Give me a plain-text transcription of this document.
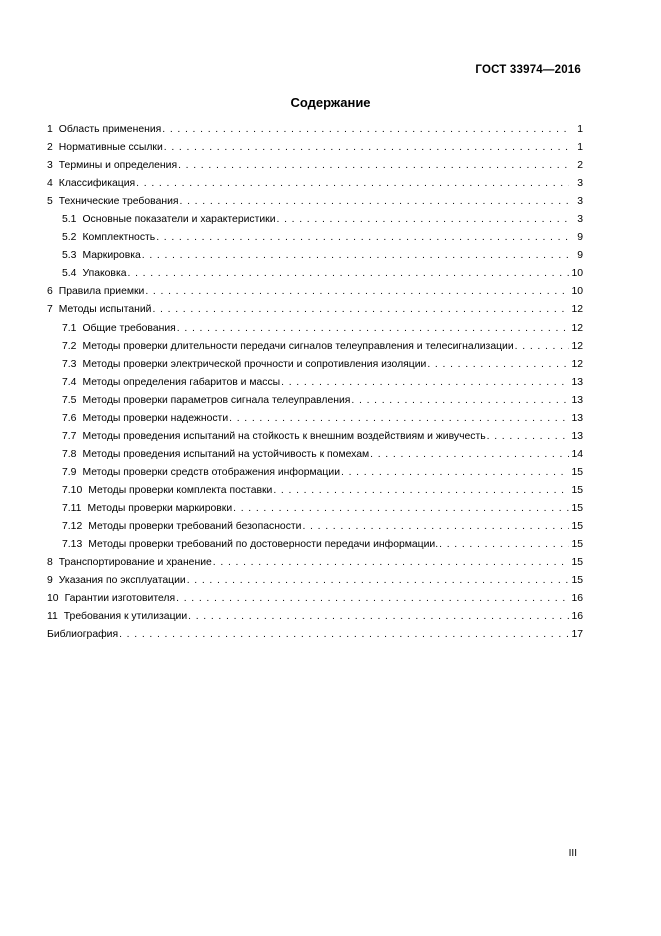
ГОСТ 33974—2016
Содержание
1 Область применения . . .	1
2 Нормативные ссылки . . .	1
3 Термины и определения . . .	2
4 Классификация . . .	3
5 Технические требования . . .	3
5.1 Основные показатели и характеристики . . .	3
5.2 Комплектность . . .	9
5.3 Маркировка . . .	9
5.4 Упаковка . . .	10
6 Правила приемки . . .	10
7 Методы испытаний . . .	12
7.1 Общие требования . . .	12
7.2 Методы проверки длительности передачи сигналов телеуправления и телесигнализации . . .	12
7.3 Методы проверки электрической прочности и сопротивления изоляции . . .	12
7.4 Методы определения габаритов и массы . . .	13
7.5 Методы проверки параметров сигнала телеуправления . . .	13
7.6 Методы проверки надежности . . .	13
7.7 Методы проведения испытаний на стойкость к внешним воздействиям и живучесть . . .	13
7.8 Методы проведения испытаний на устойчивость к помехам . . .	14
7.9 Методы проверки средств отображения информации . . .	15
7.10 Методы проверки комплекта поставки . . .	15
7.11 Методы проверки маркировки . . .	15
7.12 Методы проверки требований безопасности . . .	15
7.13 Методы проверки требований по достоверности передачи информации. . . .	15
8 Транспортирование и хранение . . .	15
9 Указания по эксплуатации . . .	15
10 Гарантии изготовителя . . .	16
11 Требования к утилизации . . .	16
Библиография . . .	17
III
